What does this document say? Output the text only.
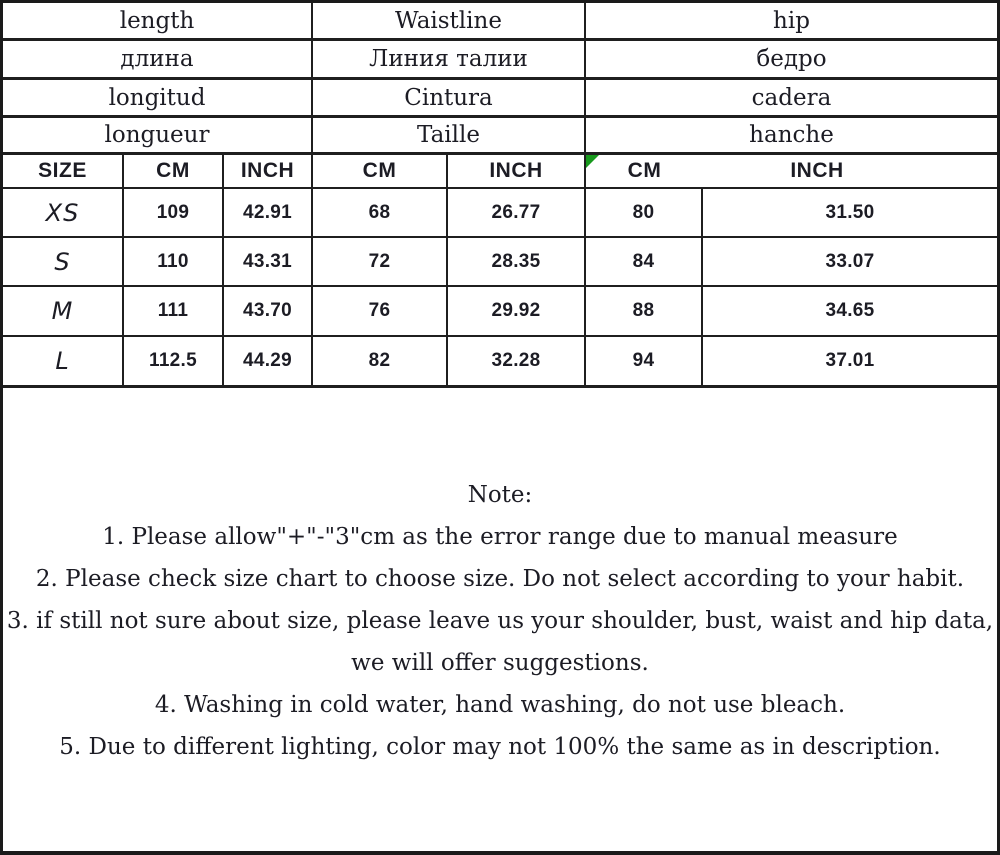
length	Waistline	hip
длина	Линия талии	бедро
longitud	Cintura	cadera
longueur	Taille	hanche
SIZE	CM	INCH	CM	INCH	CM	INCH
XS	109	42.91	68	26.77	80	31.50
S	110	43.31	72	28.35	84	33.07
M	111	43.70	76	29.92	88	34.65
L	112.5	44.29	82	32.28	94	37.01
Note:
1. Please allow"+"-"3"cm as the error range due to manual measure
2. Please check size chart to choose size. Do not select according to your habit.
3. if still not sure about size, please leave us your shoulder, bust, waist and hip data,
we will offer suggestions.
4. Washing in cold water, hand washing, do not use bleach.
5. Due to different lighting, color may not 100% the same as in description.
